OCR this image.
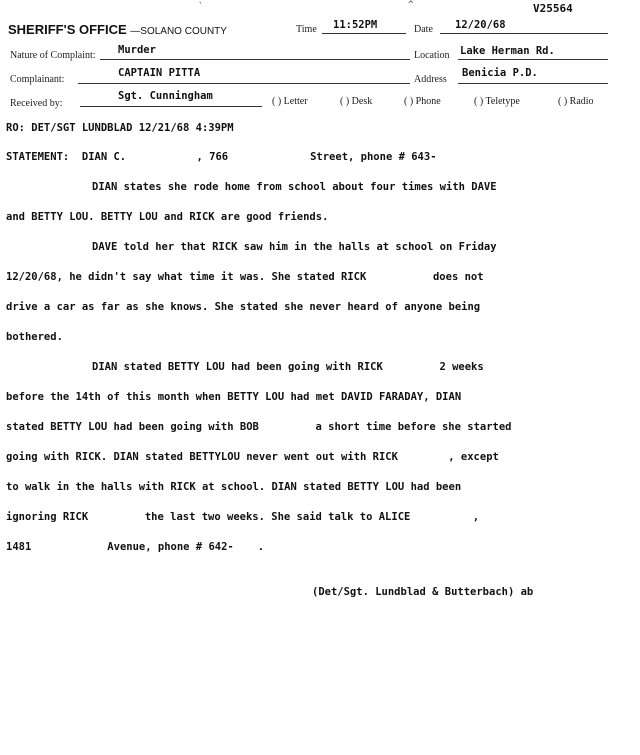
`	^	V25564
SHERIFF'S OFFICE —SOLANO COUNTY	Time 11:52PM	Date 12/20/68
Nature of Complaint: Murder	Location Lake Herman Rd.
Complainant:
CAPTAIN PITTA
Address
Benicia P.D.
Received by:
Sgt. Cunningham	( ) Letter	( ) Desk	( ) Phone	( ) Teletype	( ) Radio
RO: DET/SGT LUNDBLAD 12/21/68 4:39PM
STATEMENT: DIAN C.	, 766	Street, phone # 643-
DIAN states she rode home from school about four times with DAVE
and BETTY LOU. BETTY LOU and RICK are good friends.
DAVE told her that RICK saw him in the halls at school on Friday
12/20/68, he didn't say what time it was. She stated RICK	does not
drive a car as far as she knows. She stated she never heard of anyone being
bothered.
DIAN stated BETTY LOU had been going with RICK	2 weeks
before the 14th of this month when BETTY LOU had met DAVID FARADAY, DIAN
stated BETTY LOU had been going with BOB	a short time before she started
going with RICK. DIAN stated BETTYLOU never went out with RICK	, except
to walk in the halls with RICK at school. DIAN stated BETTY LOU had been
ignoring RICK	the last two weeks. She said talk to ALICE	,
1481	Avenue, phone # 642- .
(Det/Sgt. Lundblad & Butterbach) ab
